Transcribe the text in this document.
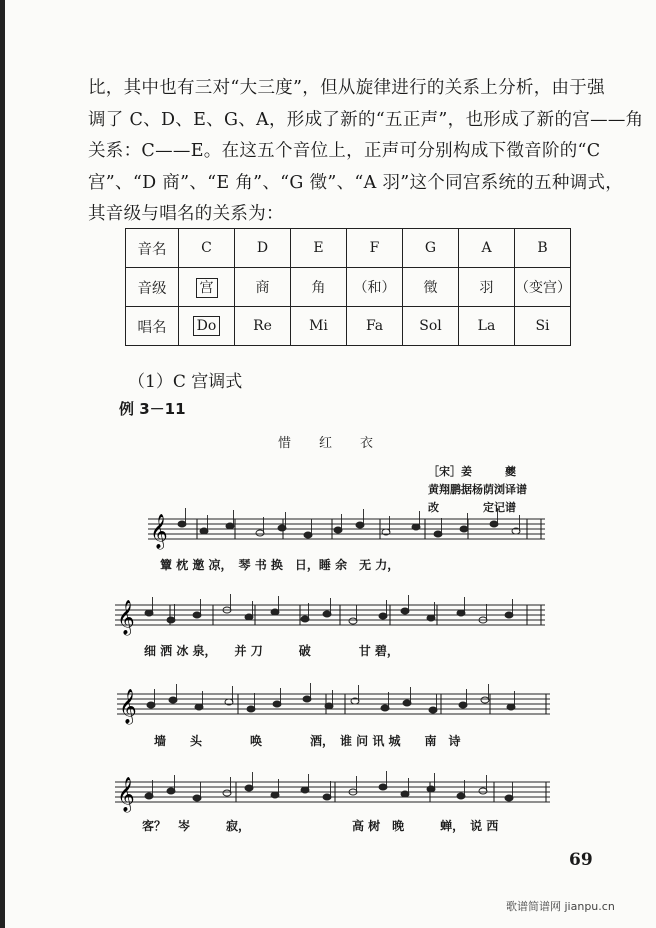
比，其中也有三对“大三度”，但从旋律进行的关系上分析，由于强
调了 C、D、E、G、A，形成了新的“五正声”，也形成了新的宫——角
关系：C——E。在这五个音位上，正声可分别构成下徵音阶的“C
宫”、“D 商”、“E 角”、“G 徵”、“A 羽”这个同宫系统的五种调式，
其音级与唱名的关系为：
音名	C	D	E	F	G	A	B
音级	宫	商	角	（和）	徵	羽	（变宫）
唱名	Do	Re	Mi	Fa	Sol	La	Si
（1）C 宫调式
例 3－11
惜红衣
［宋］姜　　　夔
黄翔鹏据杨荫浏译谱
改　　　　定记谱
𝄞
𝄞
𝄞
𝄞
簟 枕 邀 凉，　琴 书 换　日，睡 余　无 力，
细 洒 冰 泉，　　并 刀　　　破　　　　甘 碧，
墙　　头　　　　唤　　　　酒，　谁 问 讯 城　　南　诗
客？　岑　　　寂，　　　　　　　　　高 树　晚　　　蝉，　说 西
69
歌谱简谱网 jianpu.cn
